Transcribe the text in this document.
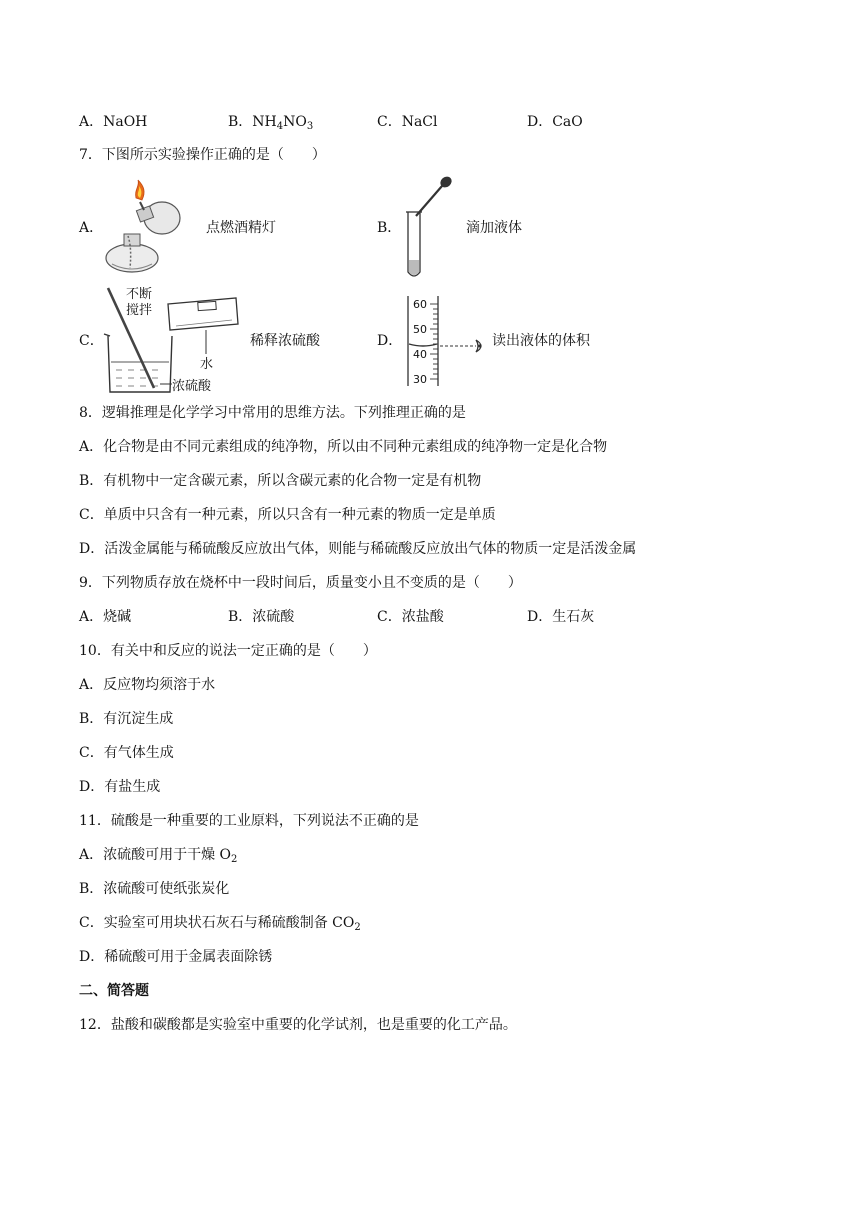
A．NaOH	B．$NH_4NO_3$	C．NaCl	D．CaO
7．下图所示实验操作正确的是（　　）
A．	点燃酒精灯	B．	滴加液体
C．
不断
搅拌
水
浓硫酸
稀释浓硫酸	D．
60
50
40
30
读出液体的体积
8．逻辑推理是化学学习中常用的思维方法。下列推理正确的是
A．化合物是由不同元素组成的纯净物，所以由不同种元素组成的纯净物一定是化合物
B．有机物中一定含碳元素，所以含碳元素的化合物一定是有机物
C．单质中只含有一种元素，所以只含有一种元素的物质一定是单质
D．活泼金属能与稀硫酸反应放出气体，则能与稀硫酸反应放出气体的物质一定是活泼金属
9．下列物质存放在烧杯中一段时间后，质量变小且不变质的是（　　）
A．烧碱	B．浓硫酸	C．浓盐酸	D．生石灰
10．有关中和反应的说法一定正确的是（　　）
A．反应物均须溶于水
B．有沉淀生成
C．有气体生成
D．有盐生成
11．硫酸是一种重要的工业原料，下列说法不正确的是
A．浓硫酸可用于干燥 $O_2$
B．浓硫酸可使纸张炭化
C．实验室可用块状石灰石与稀硫酸制备 $CO_2$
D．稀硫酸可用于金属表面除锈
二、简答题
12．盐酸和碳酸都是实验室中重要的化学试剂，也是重要的化工产品。
